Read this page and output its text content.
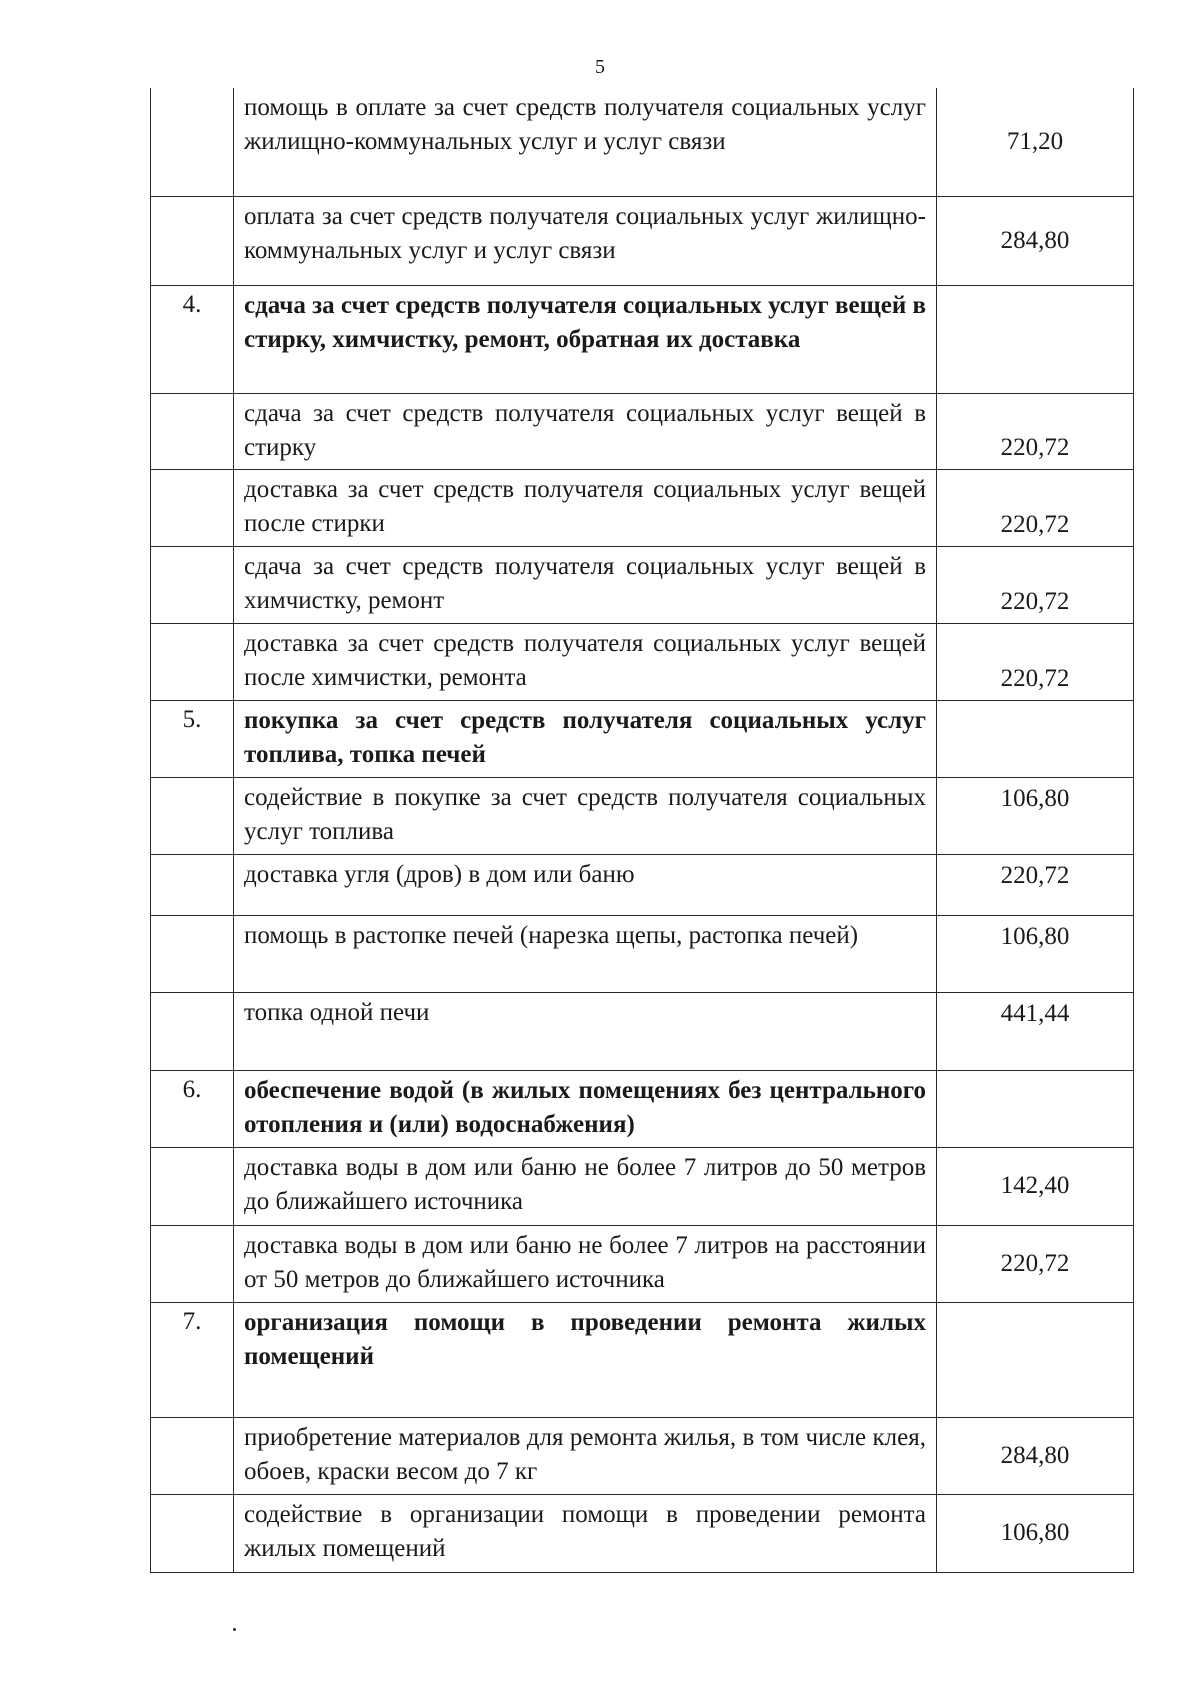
5
	помощь в оплате за счет средств получателя социальных услуг жилищно-коммунальных услуг и услуг связи	71,20
	оплата за счет средств получателя социальных услуг жилищно-коммунальных услуг и услуг связи	284,80
4.	сдача за счет средств получателя социальных услуг вещей в стирку, химчистку, ремонт, обратная их доставка	
	сдача за счет средств получателя социальных услуг вещей в стирку	220,72
	доставка за счет средств получателя социальных услуг вещей после стирки	220,72
	сдача за счет средств получателя социальных услуг вещей в химчистку, ремонт	220,72
	доставка за счет средств получателя социальных услуг вещей после химчистки, ремонта	220,72
5.	покупка за счет средств получателя социальных услуг топлива, топка печей	
	содействие в покупке за счет средств получателя социальных услуг топлива	106,80
	доставка угля (дров) в дом или баню	220,72
	помощь в растопке печей (нарезка щепы, растопка печей)	106,80
	топка одной печи	441,44
6.	обеспечение водой (в жилых помещениях без центрального отопления и (или) водоснабжения)	
	доставка воды в дом или баню не более 7 литров до 50 метров до ближайшего источника	142,40
	доставка воды в дом или баню не более 7 литров на расстоянии от 50 метров до ближайшего источника	220,72
7.	организация помощи в проведении ремонта жилых помещений	
	приобретение материалов для ремонта жилья, в том числе клея, обоев, краски весом до 7 кг	284,80
	содействие в организации помощи в проведении ремонта жилых помещений	106,80
